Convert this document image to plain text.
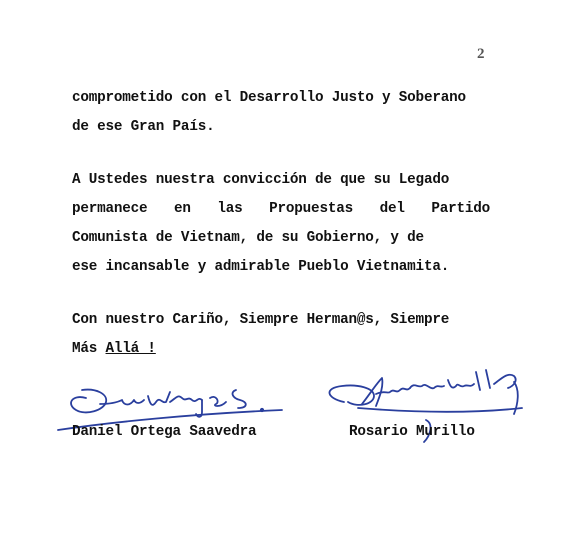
2
comprometido con el Desarrollo Justo y Soberano
de ese Gran País.
A Ustedes nuestra convicción de que su Legado
permanece en las Propuestas del Partido
Comunista de Vietnam, de su Gobierno, y de
ese incansable y admirable Pueblo Vietnamita.
Con nuestro Cariño, Siempre Herman@s, Siempre
Más Allá !
Daniel Ortega Saavedra	Rosario Murillo
